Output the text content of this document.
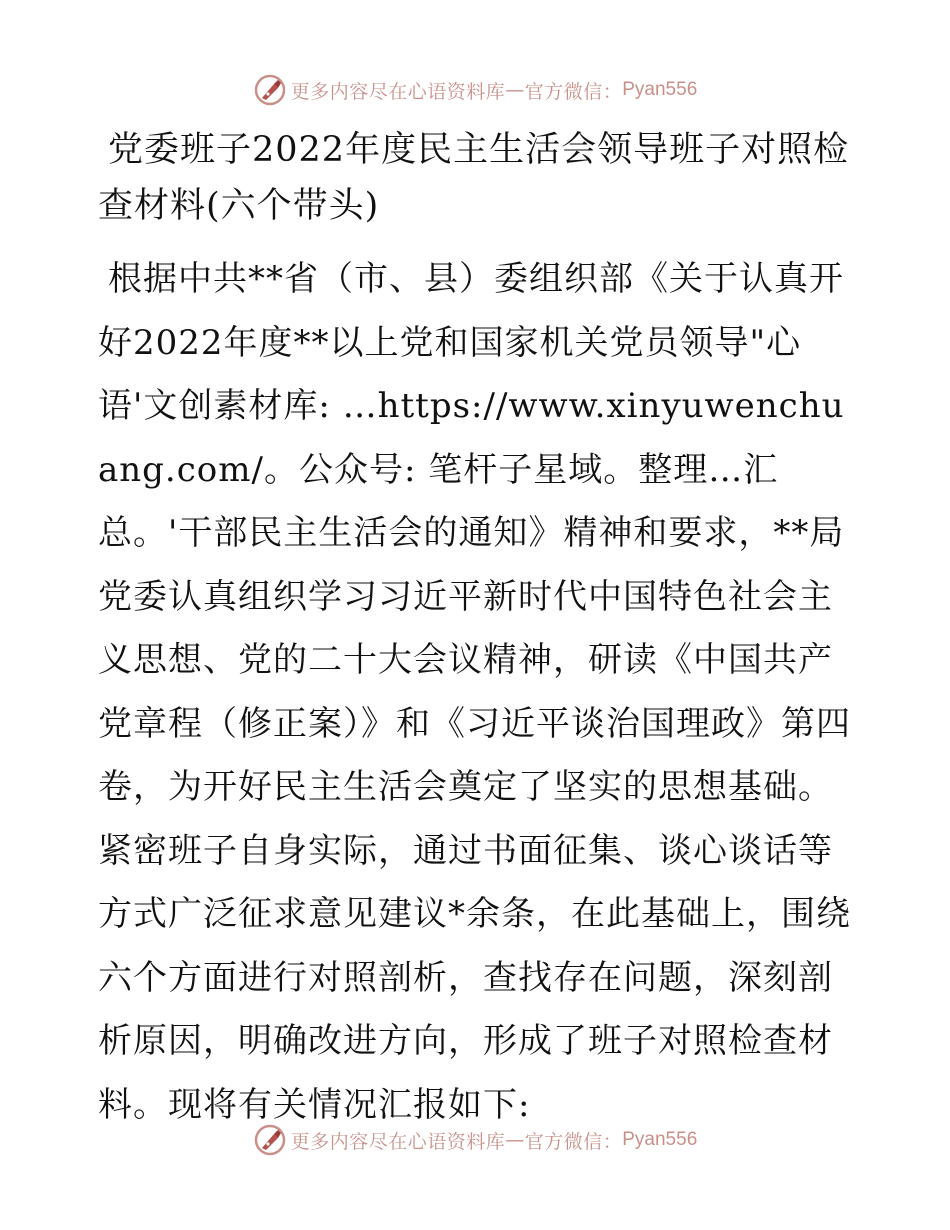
更多内容尽在心语资料库 — 官方微信： Pyan556
党委班子2022年度民主生活会领导班子对照检查材料(六个带头)

根据中共**省（市、县）委组织部《关于认真开好2022年度**以上党和国家机关党员领导"心语'文创素材库: …https://www.xinyuwenchuang.com/。公众号: 笔杆子星域。整理…汇总。'干部民主生活会的通知》精神和要求，**局党委认真组织学习习近平新时代中国特色社会主义思想、党的二十大会议精神，研读《中国共产党章程（修正案）》和《习近平谈治国理政》第四卷，为开好民主生活会奠定了坚实的思想基础。紧密班子自身实际，通过书面征集、谈心谈话等方式广泛征求意见建议*余条，在此基础上，围绕六个方面进行对照剖析，查找存在问题，深刻剖析原因，明确改进方向，形成了班子对照检查材料。现将有关情况汇报如下:

更多内容尽在心语资料库 — 官方微信： Pyan556
